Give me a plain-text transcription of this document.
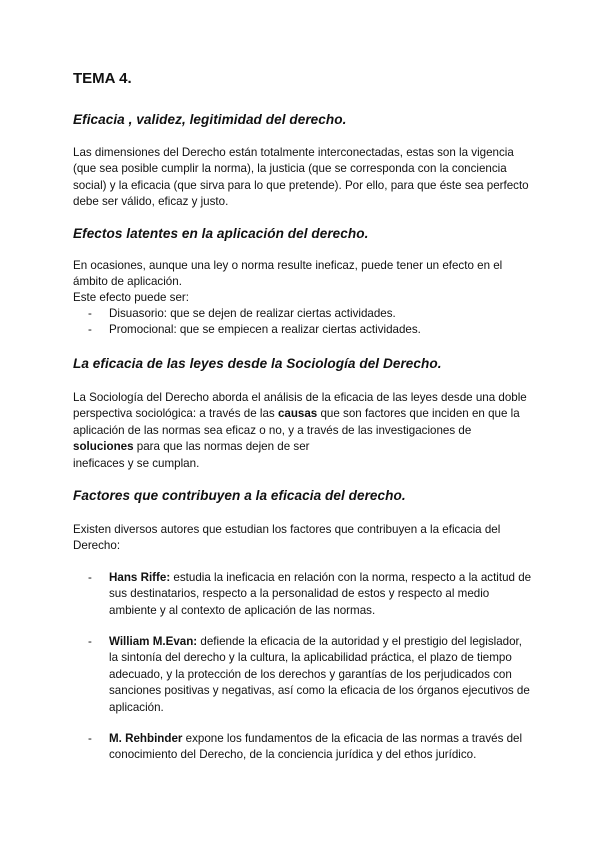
TEMA 4.
Eficacia , validez, legitimidad del derecho.

Las dimensiones del Derecho están totalmente interconectadas, estas son la vigencia (que sea posible cumplir la norma), la justicia (que se corresponda con la conciencia social) y la eficacia (que sirva para lo que pretende). Por ello, para que éste sea perfecto debe ser válido, eficaz y justo.

Efectos latentes en la aplicación del derecho.

En ocasiones, aunque una ley o norma resulte ineficaz, puede tener un efecto en el ámbito de aplicación.

Este efecto puede ser:

- Disuasorio: que se dejen de realizar ciertas actividades.
- Promocional: que se empiecen a realizar ciertas actividades.
La eficacia de las leyes desde la Sociología del Derecho.

La Sociología del Derecho aborda el análisis de la eficacia de las leyes desde una doble perspectiva sociológica: a través de las causas que son factores que inciden en que la aplicación de las normas sea eficaz o no, y a través de las investigaciones de soluciones para que las normas dejen de ser
ineficaces y se cumplan.

Factores que contribuyen a la eficacia del derecho.

Existen diversos autores que estudian los factores que contribuyen a la eficacia del Derecho:

- Hans Riffe: estudia la ineficacia en relación con la norma, respecto a la actitud de sus destinatarios, respecto a la personalidad de estos y respecto al medio ambiente y al contexto de aplicación de las normas.
- William M.Evan: defiende la eficacia de la autoridad y el prestigio del legislador, la sintonía del derecho y la cultura, la aplicabilidad práctica, el plazo de tiempo adecuado, y la protección de los derechos y garantías de los perjudicados con sanciones positivas y negativas, así como la eficacia de los órganos ejecutivos de aplicación.
- M. Rehbinder expone los fundamentos de la eficacia de las normas a través del conocimiento del Derecho, de la conciencia jurídica y del ethos jurídico.
